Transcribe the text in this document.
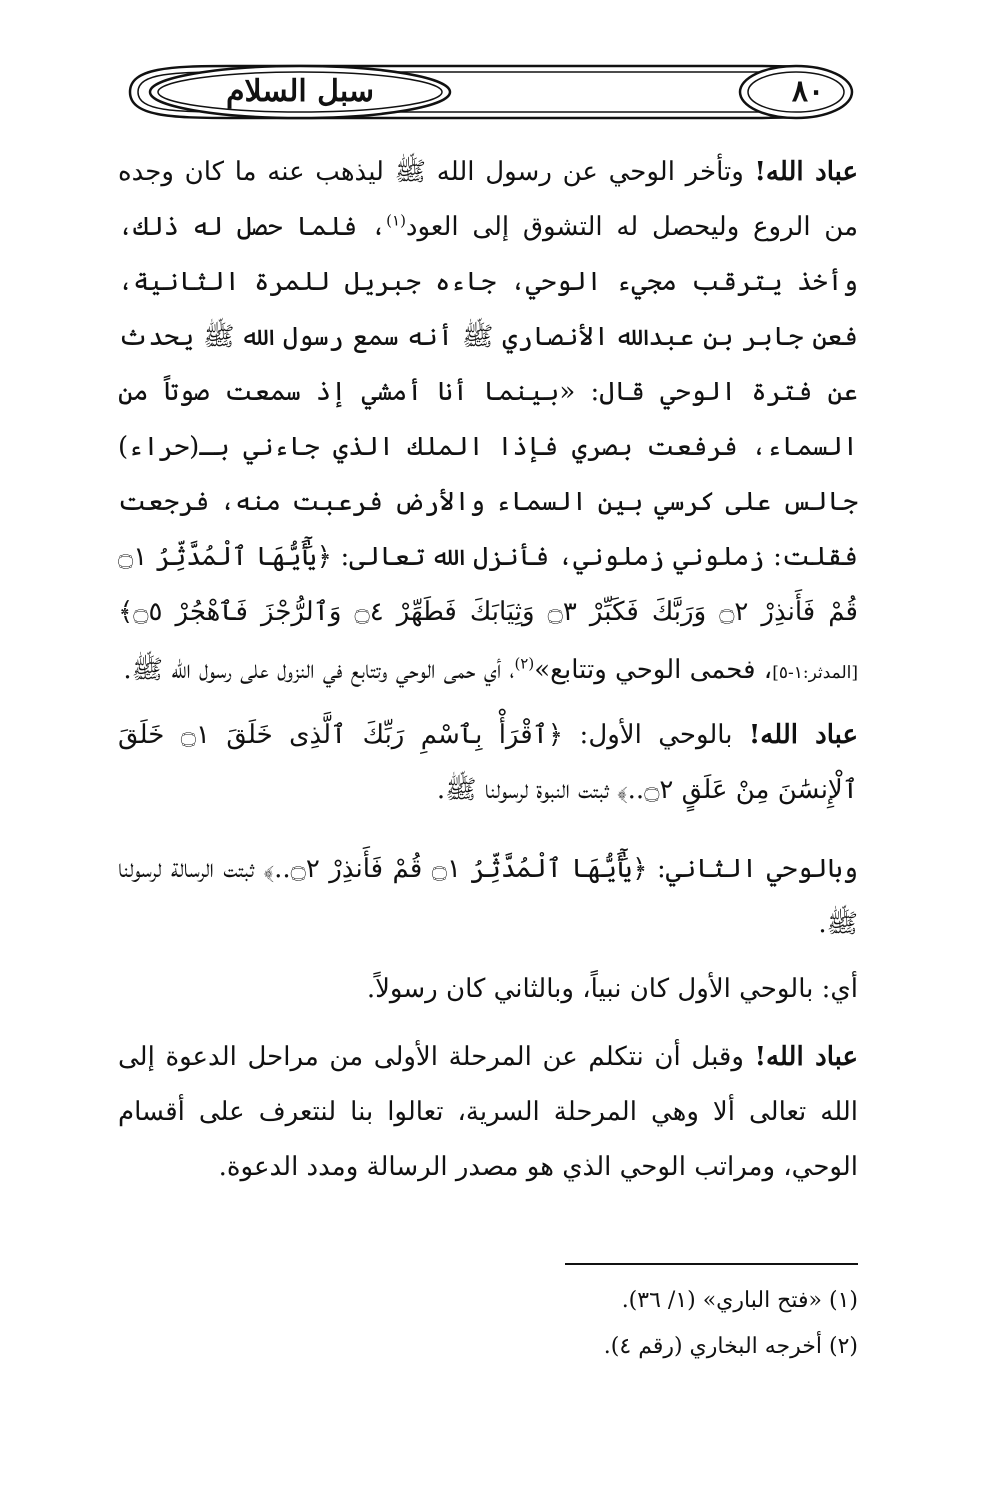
سبل السلام	٨٠
عباد الله! وتأخر الوحي عن رسول الله ﷺ ليذهب عنه ما كان وجده من الروع وليحصل له التشوق إلى العود$^{(١)}$، فلما حصل له ذلك، وأخذ يترقب مجيء الوحي، جاءه جبريل للمرة الثانية، فعن جابر بن عبدالله الأنصاري ﷺ أنه سمع رسول الله ﷺ يحدث عن فترة الوحي قال: «بينما أنا أمشي إذ سمعت صوتاً من السماء، فرفعت بصري فإذا الملك الذي جاءني بـ(حراء) جالس على كرسي بين السماء والأرض فرعبت منه، فرجعت فقلت: زملوني زملوني، فأنزل الله تعالى: ﴿يَٰٓأَيُّهَا ٱلْمُدَّثِّرُ ۝١ قُمْ فَأَنذِرْ ۝٢ وَرَبَّكَ فَكَبِّرْ ۝٣ وَثِيَابَكَ فَطَهِّرْ ۝٤ وَٱلرُّجْزَ فَٱهْجُرْ ۝٥﴾ [المدثر:١-٥]، فحمى الوحي وتتابع»$^{(٢)}$، أي حمى الوحي وتتابع في النزول على رسول الله ﷺ.
عباد الله! بالوحي الأول: ﴿ٱقْرَأْ بِٱسْمِ رَبِّكَ ٱلَّذِى خَلَقَ ۝١ خَلَقَ ٱلْإِنسَٰنَ مِنْ عَلَقٍ ۝٢..﴾ ثبتت النبوة لرسولنا ﷺ.
وبالوحي الثاني: ﴿يَٰٓأَيُّهَا ٱلْمُدَّثِّرُ ۝١ قُمْ فَأَنذِرْ ۝٢..﴾ ثبتت الرسالة لرسولنا ﷺ.
أي: بالوحي الأول كان نبياً، وبالثاني كان رسولاً.
عباد الله! وقبل أن نتكلم عن المرحلة الأولى من مراحل الدعوة إلى الله تعالى ألا وهي المرحلة السرية، تعالوا بنا لنتعرف على أقسام الوحي، ومراتب الوحي الذي هو مصدر الرسالة ومدد الدعوة.
(١) «فتح الباري» (١/ ٣٦).
(٢) أخرجه البخاري (رقم ٤).
